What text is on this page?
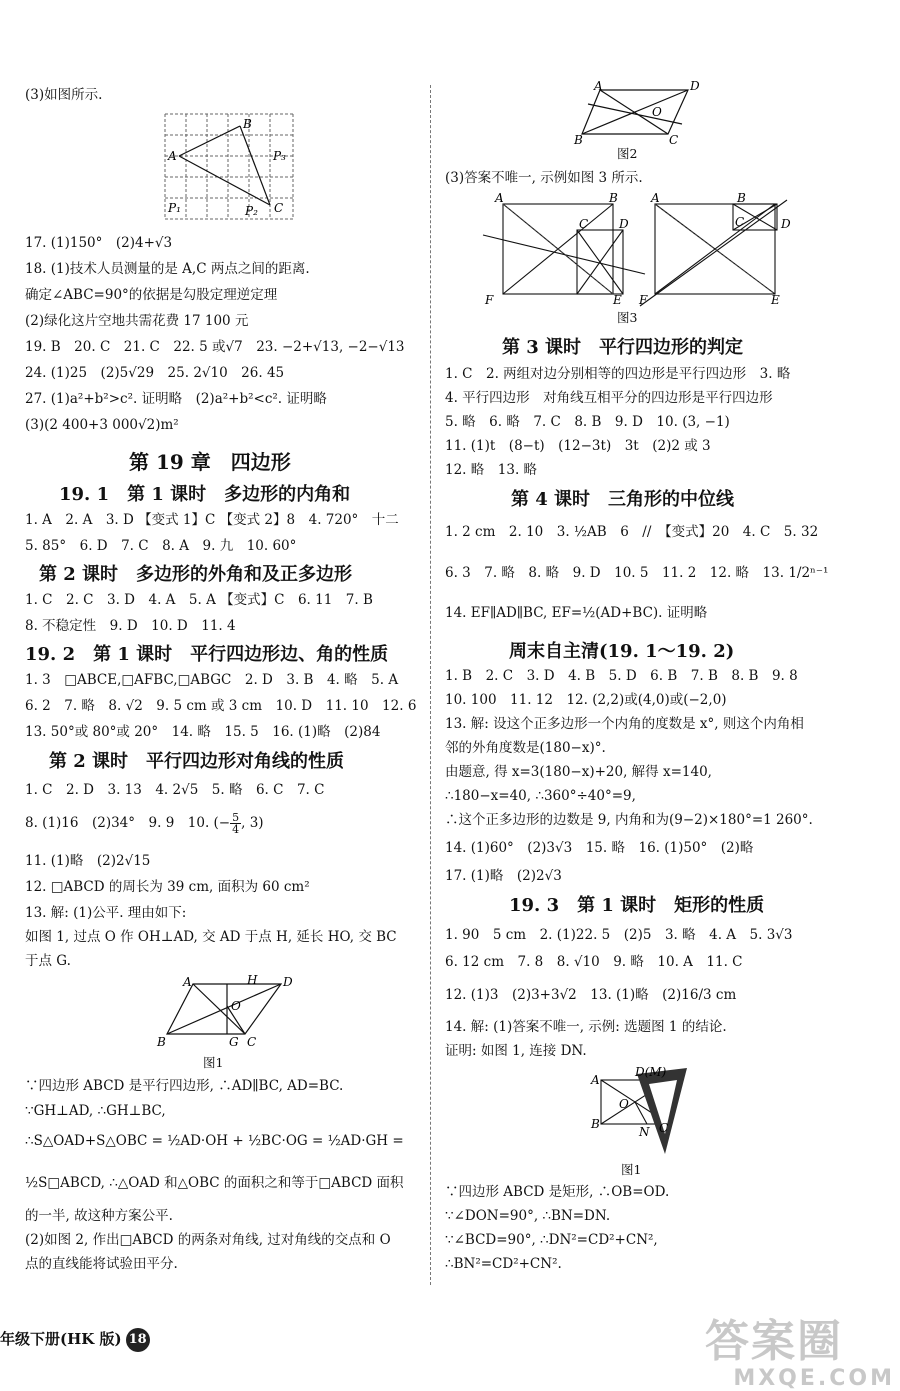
(3)如图所示.
A
B
C
P₃
P₁	P₂
17. (1)150°　(2)4+√3
18. (1)技术人员测量的是 A,C 两点之间的距离.
确定∠ABC=90°的依据是勾股定理逆定理
(2)绿化这片空地共需花费 17 100 元
19. B　20. C　21. C　22. 5 或√7　23. −2+√13, −2−√13
24. (1)25　(2)5√29　25. 2√10　26. 45
27. (1)a²+b²>c². 证明略　(2)a²+b²<c². 证明略
(3)(2 400+3 000√2)m²
第 19 章　四边形
19. 1　第 1 课时　多边形的内角和
1. A　2. A　3. D 【变式 1】C 【变式 2】8　4. 720°　十二
5. 85°　6. D　7. C　8. A　9. 九　10. 60°
第 2 课时　多边形的外角和及正多边形
1. C　2. C　3. D　4. A　5. A 【变式】C　6. 11　7. B
8. 不稳定性　9. D　10. D　11. 4
19. 2　第 1 课时　平行四边形边、角的性质
1. 3　□ABCE,□AFBC,□ABGC　2. D　3. B　4. 略　5. A
6. 2　7. 略　8. √2　9. 5 cm 或 3 cm　10. D　11. 10　12. 6
13. 50°或 80°或 20°　14. 略　15. 5　16. (1)略　(2)84
第 2 课时　平行四边形对角线的性质
1. C　2. D　3. 13　4. 2√5　5. 略　6. C　7. C
8. (1)16　(2)34°　9. 9　10. (− $\frac{5}{4}$ , 3)
11. (1)略　(2)2√15
12. □ABCD 的周长为 39 cm, 面积为 60 cm²
13. 解: (1)公平. 理由如下:
如图 1, 过点 O 作 OH⊥AD, 交 AD 于点 H, 延长 HO, 交 BC
于点 G.
A	H D
O
B	G C
图1
∵四边形 ABCD 是平行四边形, ∴AD∥BC, AD=BC.
∵GH⊥AD, ∴GH⊥BC,
∴S△OAD+S△OBC = ½AD·OH + ½BC·OG = ½AD·GH =
½S□ABCD, ∴△OAD 和△OBC 的面积之和等于□ABCD 面积
的一半, 故这种方案公平.
(2)如图 2, 作出□ABCD 的两条对角线, 过对角线的交点和 O
点的直线能将试验田平分.
A	D
O
B	C
图2
(3)答案不唯一, 示例如图 3 所示.
A	B
C	D
F	E
A	B
C	D
F	E
图3
第 3 课时　平行四边形的判定
1. C　2. 两组对边分别相等的四边形是平行四边形　3. 略
4. 平行四边形　对角线互相平分的四边形是平行四边形
5. 略　6. 略　7. C　8. B　9. D　10. (3, −1)
11. (1)t　(8−t)　(12−3t)　3t　(2)2 或 3
12. 略　13. 略
第 4 课时　三角形的中位线
1. 2 cm　2. 10　3. ½AB　6　//　【变式】20　4. C　5. 32
6. 3　7. 略　8. 略　9. D　10. 5　11. 2　12. 略　13. 1/2ⁿ⁻¹
14. EF∥AD∥BC, EF=½(AD+BC). 证明略
周末自主清(19. 1～19. 2)
1. B　2. C　3. D　4. B　5. D　6. B　7. B　8. B　9. 8
10. 100　11. 12　12. (2,2)或(4,0)或(−2,0)
13. 解: 设这个正多边形一个内角的度数是 x°, 则这个内角相
邻的外角度数是(180−x)°.
由题意, 得 x=3(180−x)+20, 解得 x=140,
∴180−x=40, ∴360°÷40°=9,
∴这个正多边形的边数是 9, 内角和为(9−2)×180°=1 260°.
14. (1)60°　(2)3√3　15. 略　16. (1)50°　(2)略
17. (1)略　(2)2√3
19. 3　第 1 课时　矩形的性质
1. 90　5 cm　2. (1)22. 5　(2)5　3. 略　4. A　5. 3√3
6. 12 cm　7. 8　8. √10　9. 略　10. A　11. C
12. (1)3　(2)3+3√2　13. (1)略　(2)16/3 cm
14. 解: (1)答案不唯一, 示例: 选题图 1 的结论.
证明: 如图 1, 连接 DN.
A
D(M)
O
B
N C
图1
∵四边形 ABCD 是矩形, ∴OB=OD.
∵∠DON=90°, ∴BN=DN.
∵∠BCD=90°, ∴DN²=CD²+CN²,
∴BN²=CD²+CN².
年级下册(HK 版) 18	答案圈
MXQE.COM
